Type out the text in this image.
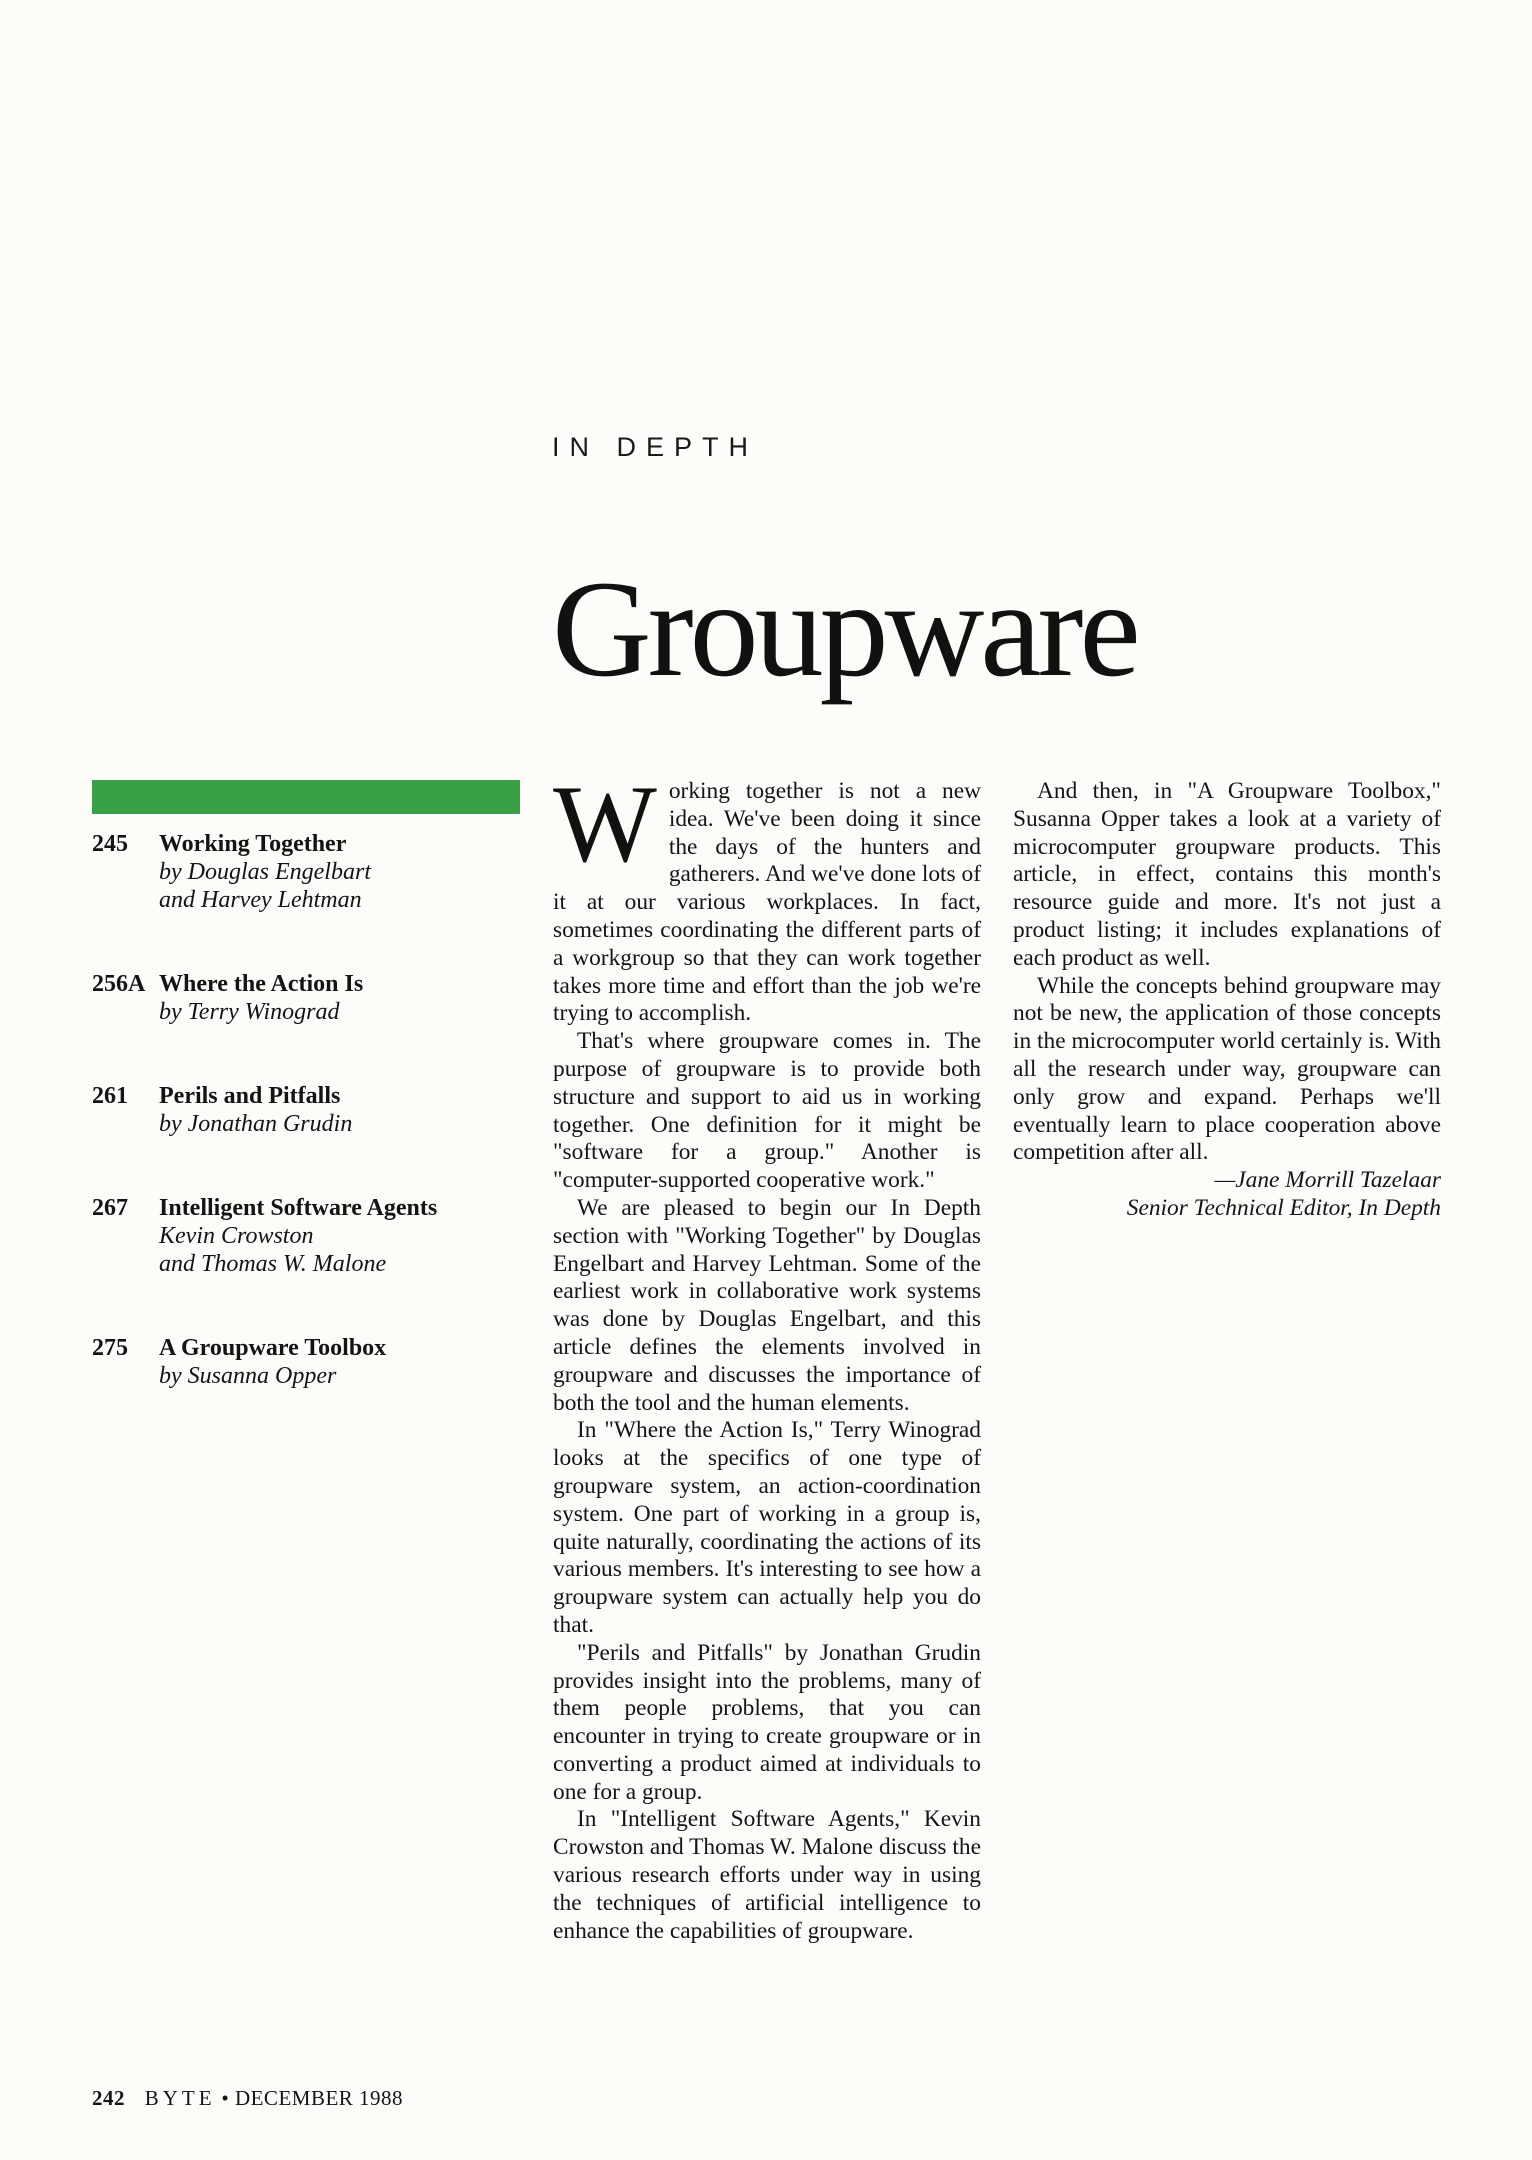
IN DEPTH
Groupware
245 Working Together
by Douglas Engelbart
and Harvey Lehtman
256A Where the Action Is
by Terry Winograd
261 Perils and Pitfalls
by Jonathan Grudin
267 Intelligent Software Agents
Kevin Crowston
and Thomas W. Malone
275 A Groupware Toolbox
by Susanna Opper
W orking together is not a new idea. We've been doing it since the days of the hunters and gatherers. And we've done lots of it at our various workplaces. In fact, sometimes coordinating the different parts of a workgroup so that they can work together takes more time and effort than the job we're trying to accomplish.

That's where groupware comes in. The purpose of groupware is to provide both structure and support to aid us in working together. One definition for it might be "software for a group." Another is "computer-supported cooperative work."

We are pleased to begin our In Depth section with "Working Together" by Douglas Engelbart and Harvey Lehtman. Some of the earliest work in collaborative work systems was done by Douglas Engelbart, and this article defines the elements involved in groupware and discusses the importance of both the tool and the human elements.

In "Where the Action Is," Terry Winograd looks at the specifics of one type of groupware system, an action-coordination system. One part of working in a group is, quite naturally, coordinating the actions of its various members. It's interesting to see how a groupware system can actually help you do that.

"Perils and Pitfalls" by Jonathan Grudin provides insight into the problems, many of them people problems, that you can encounter in trying to create groupware or in converting a product aimed at individuals to one for a group.

In "Intelligent Software Agents," Kevin Crowston and Thomas W. Malone discuss the various research efforts under way in using the techniques of artificial intelligence to enhance the capabilities of groupware.

And then, in "A Groupware Toolbox," Susanna Opper takes a look at a variety of microcomputer groupware products. This article, in effect, contains this month's resource guide and more. It's not just a product listing; it includes explanations of each product as well.

While the concepts behind groupware may not be new, the application of those concepts in the microcomputer world certainly is. With all the research under way, groupware can only grow and expand. Perhaps we'll eventually learn to place cooperation above competition after all.

—Jane Morrill Tazelaar
Senior Technical Editor, In Depth
242 BYTE • DECEMBER 1988
